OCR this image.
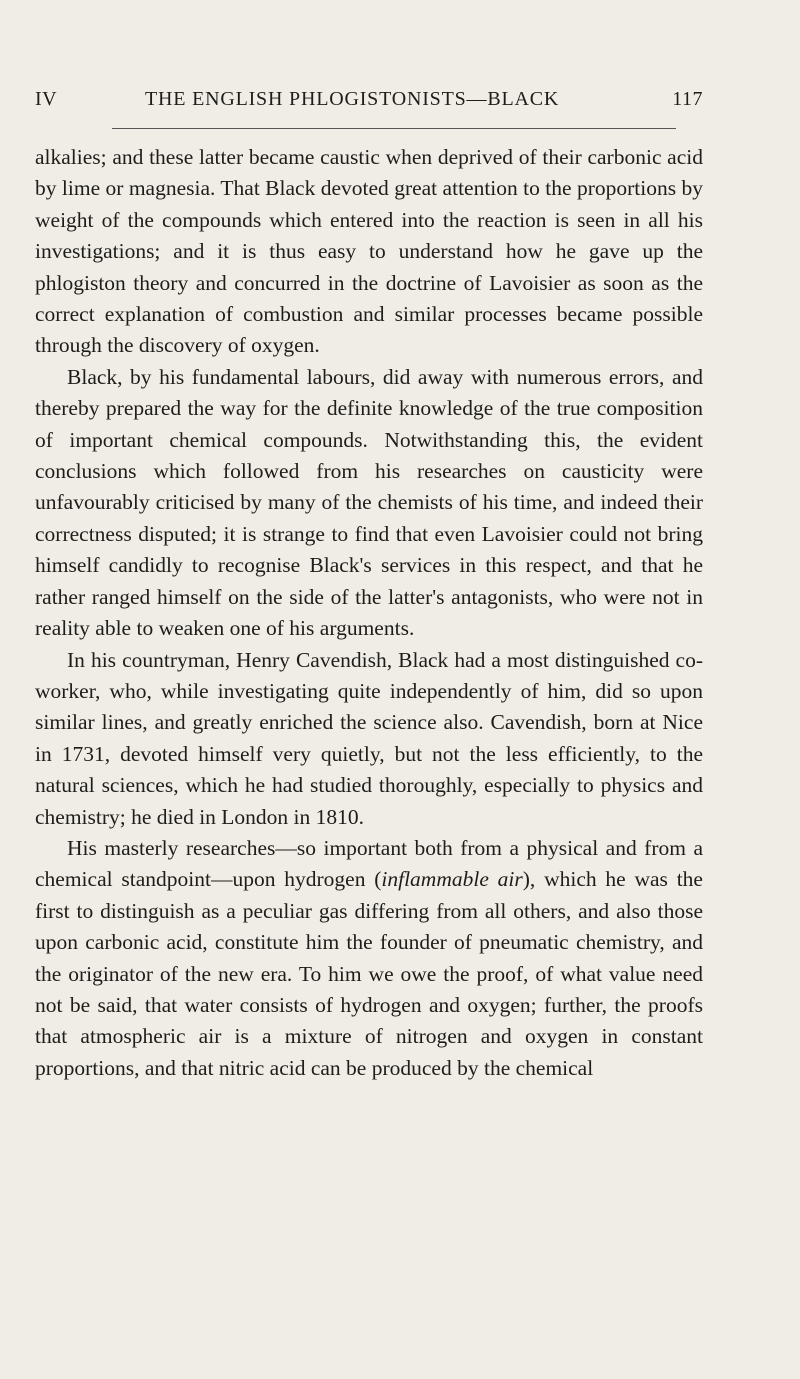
IV	THE ENGLISH PHLOGISTONISTS—BLACK	117

alkalies; and these latter became caustic when deprived of their carbonic acid by lime or magnesia. That Black devoted great attention to the proportions by weight of the compounds which entered into the reaction is seen in all his investigations; and it is thus easy to understand how he gave up the phlogiston theory and concurred in the doctrine of Lavoisier as soon as the correct explanation of combustion and similar processes became possible through the discovery of oxygen.

Black, by his fundamental labours, did away with numerous errors, and thereby prepared the way for the definite knowledge of the true composition of important chemical compounds. Notwithstanding this, the evident conclusions which followed from his researches on causticity were unfavourably criticised by many of the chemists of his time, and indeed their correctness disputed; it is strange to find that even Lavoisier could not bring himself candidly to recognise Black's services in this respect, and that he rather ranged himself on the side of the latter's antagonists, who were not in reality able to weaken one of his arguments.

In his countryman, Henry Cavendish, Black had a most distinguished co-worker, who, while investigating quite independently of him, did so upon similar lines, and greatly enriched the science also. Cavendish, born at Nice in 1731, devoted himself very quietly, but not the less efficiently, to the natural sciences, which he had studied thoroughly, especially to physics and chemistry; he died in London in 1810.

His masterly researches—so important both from a physical and from a chemical standpoint—upon hydrogen (inflammable air), which he was the first to distinguish as a peculiar gas differing from all others, and also those upon carbonic acid, constitute him the founder of pneumatic chemistry, and the originator of the new era. To him we owe the proof, of what value need not be said, that water consists of hydrogen and oxygen; further, the proofs that atmospheric air is a mixture of nitrogen and oxygen in constant proportions, and that nitric acid can be produced by the chemical
